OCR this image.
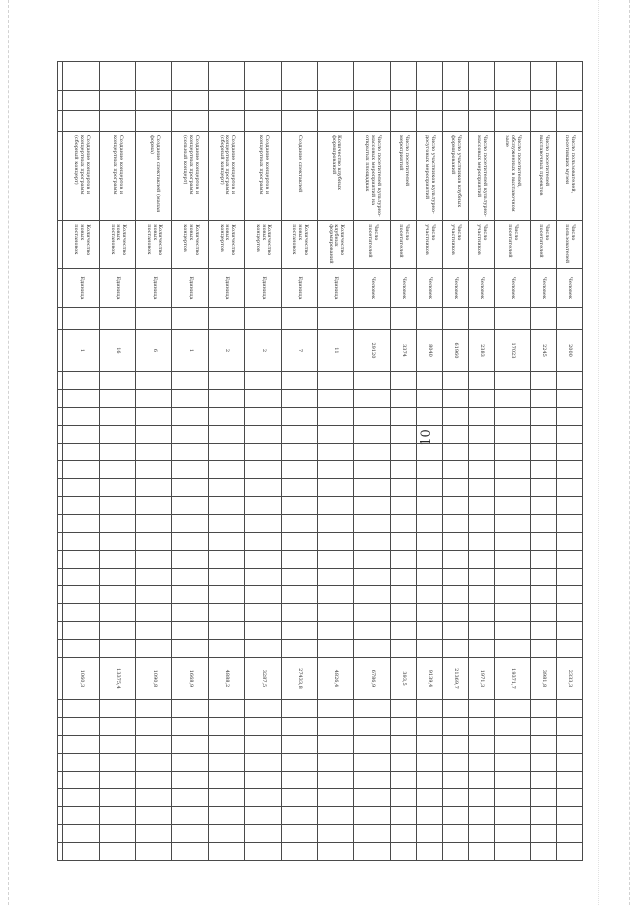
10
			Число пользователей, посетивших музеи	Число пользователей	Человек		2000																	2333,3									
			Число посетителей выставочных проектов	Число посетителей	Человек		2245																	3981,8									
			Число посетителей, обслуженных в выставочном зале	Число посетителей	Человек		17023																	19371,7									
			Число посетителей культурно-массовых мероприятий	Число участников	Человек		2383																	1971,3									
			Число участников клубных формирований	Число участников	Человек		61960																	21369,7									
			Число участников культурно-досуговых мероприятий	Число участников	Человек		8040																	9139,4									
			Число посетителей мероприятий	Число посетителей	Человек		3374																	393,5									
			Число посетителей культурно-массовых мероприятий на открытых площадках	Число посетителей	Человек		29120																	6786,9									
			Количество клубных формирований	Количество клубных формирований	Единица		11																	4826,4									
			Создание спектаклей	Количество новых постановок	Единица		7																	27433,8									
			Создание концертов и концертных программ	Количество новых концертов	Единица		2																	3287,5									
			Создание концертов и концертных программ (сборный концерт)	Количество новых концертов	Единица		2																	4888,2									
			Создание концертов и концертных программ (сольный концерт)	Количество новых концертов	Единица		1																	1668,9									
			Создание спектаклей (малая форма)	Количество новых постановок	Единица		6																	1090,8									
			Создание концертов и концертных программ	Количество новых постановок	Единица		16																	13375,4									
			Создание концертов и концертных программ (сборный концерт)	Количество новых постановок	Единица		1																	1060,3									
